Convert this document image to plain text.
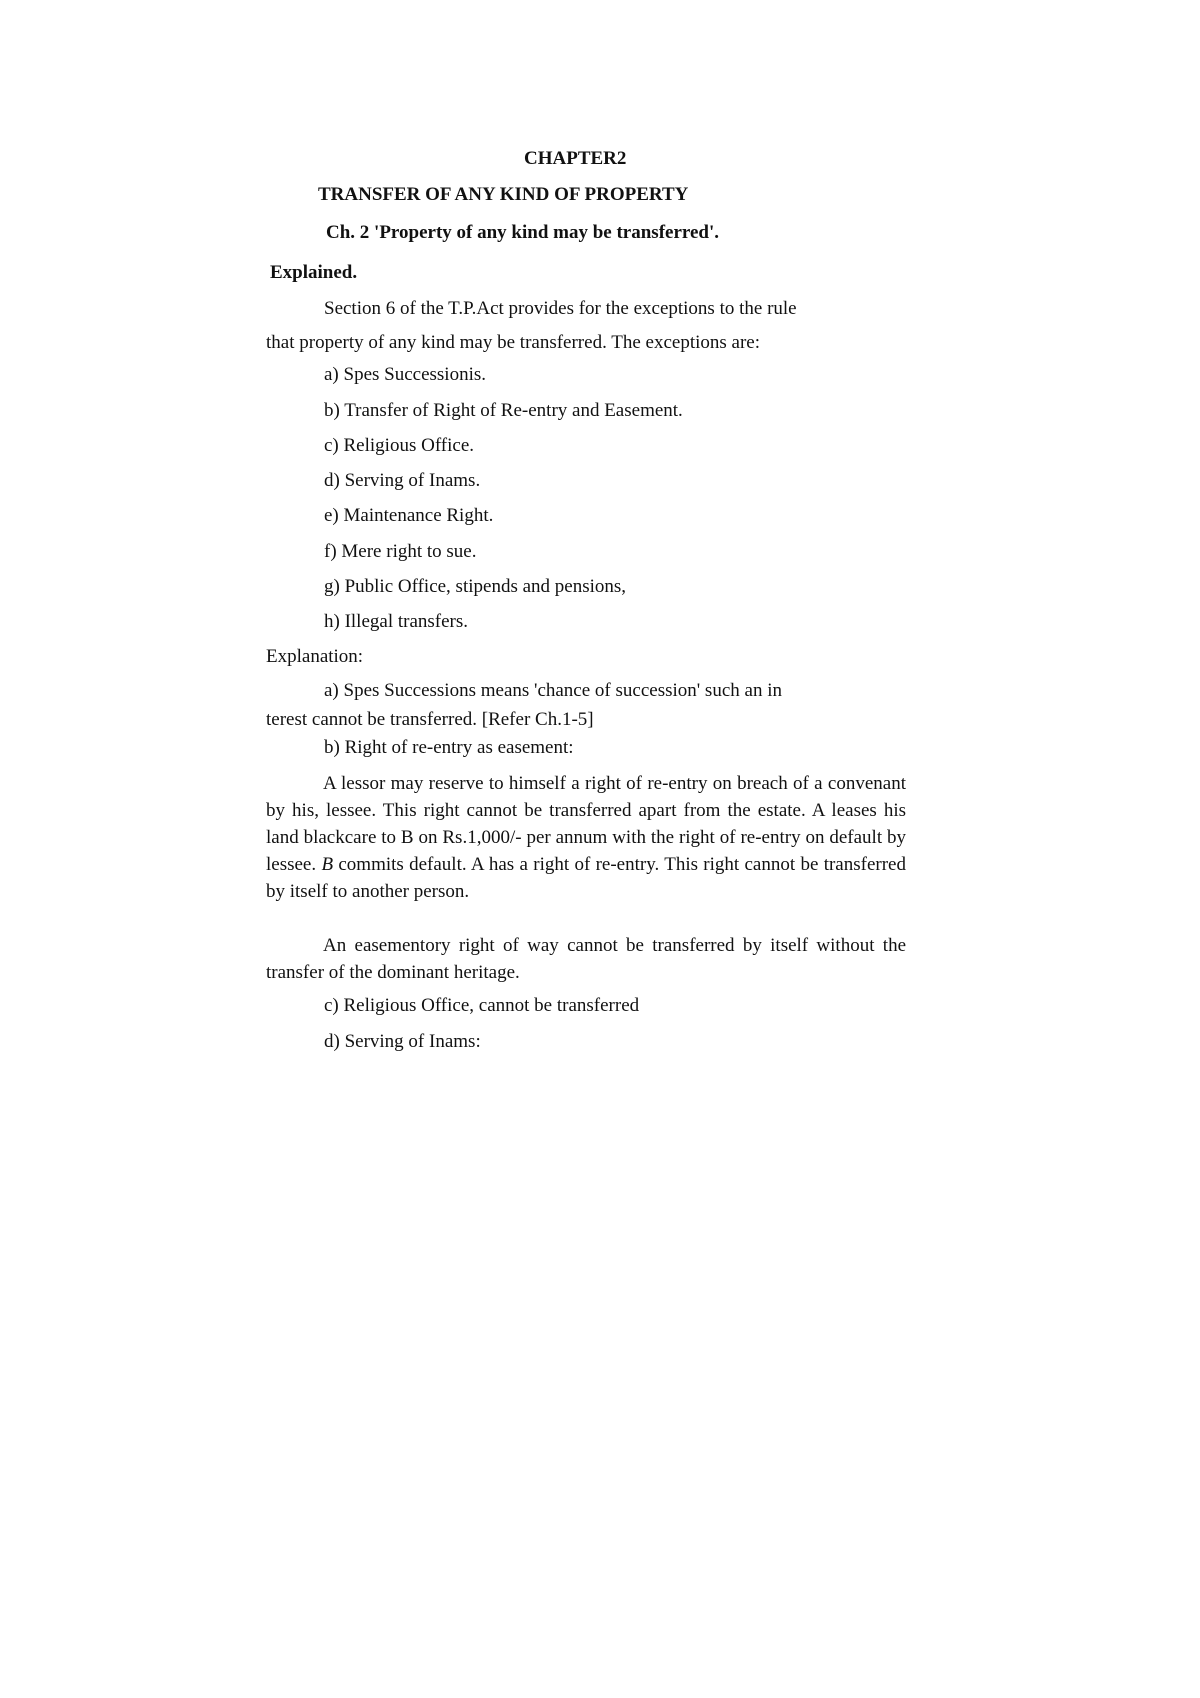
CHAPTER2

TRANSFER OF ANY KIND OF PROPERTY

Ch. 2 'Property of any kind may be transferred'.

Explained.

Section 6 of the T.P.Act provides for the exceptions to the rule

that property of any kind may be transferred. The exceptions are:

a) Spes Successionis.

b) Transfer of Right of Re-entry and Easement.

c) Religious Office.

d) Serving of Inams.

e) Maintenance Right.

f) Mere right to sue.

g) Public Office, stipends and pensions,

h) Illegal transfers.

Explanation:

a) Spes Successions means 'chance of succession' such an in

terest cannot be transferred. [Refer Ch.1-5]

b) Right of re-entry as easement:

A lessor may reserve to himself a right of re-entry on breach of a convenant by his, lessee. This right cannot be transferred apart from the estate. A leases his land blackcare to B on Rs.1,000/- per annum with the right of re-entry on default by lessee. B commits default. A has a right of re-entry. This right cannot be transferred by itself to another person.

An easementory right of way cannot be transferred by itself without the transfer of the dominant heritage.

c) Religious Office, cannot be transferred

d) Serving of Inams:
